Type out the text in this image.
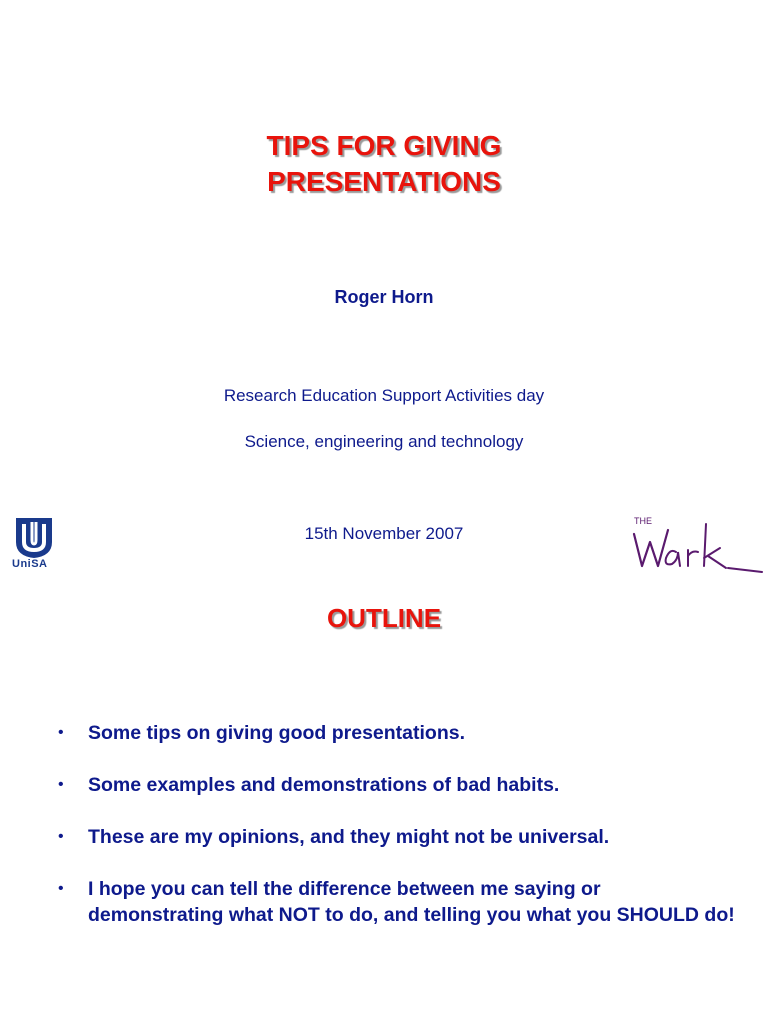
TIPS FOR GIVING
PRESENTATIONS
Roger Horn
Research Education Support Activities day
Science, engineering and technology
15th November 2007
UniSA
THE
OUTLINE
• Some tips on giving good presentations.
• Some examples and demonstrations of bad habits.
• These are my opinions, and they might not be universal.
• I hope you can tell the difference between me saying or demonstrating what NOT to do, and telling you what you SHOULD do!
